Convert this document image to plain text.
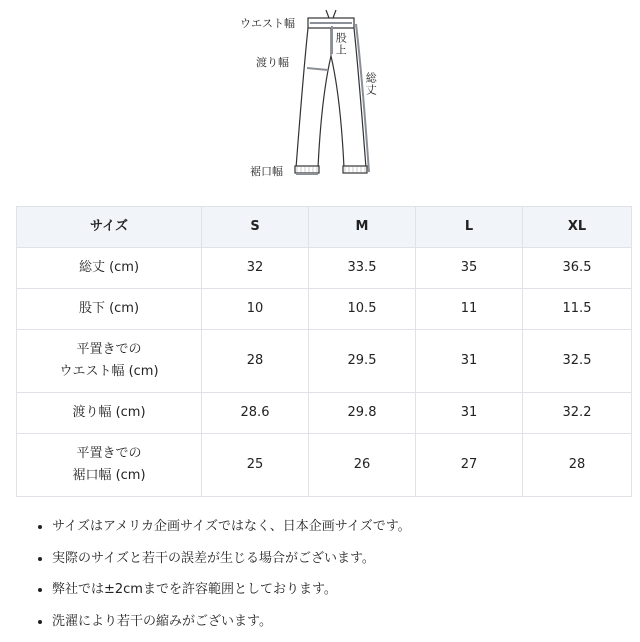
ウエスト幅
股上
渡り幅
総丈
裾口幅
サイズ	S	M	L	XL

総丈 (cm)	32	33.5	35	36.5

股下 (cm)	10	10.5	11	11.5

平置きでの
ウエスト幅 (cm)	28	29.5	31	32.5

渡り幅 (cm)	28.6	29.8	31	32.2

平置きでの
裾口幅 (cm)	25	26	27	28
• サイズはアメリカ企画サイズではなく、日本企画サイズです。
• 実際のサイズと若干の誤差が生じる場合がございます。
• 弊社では±2cmまでを許容範囲としております。
• 洗濯により若干の縮みがございます。
